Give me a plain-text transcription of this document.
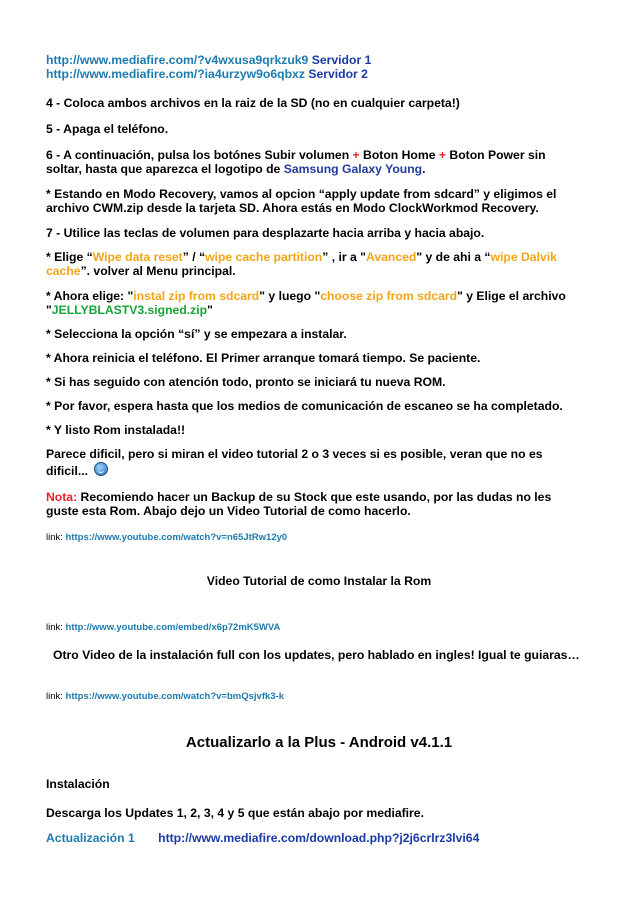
http://www.mediafire.com/?v4wxusa9qrkzuk9 Servidor 1
http://www.mediafire.com/?ia4urzyw9o6qbxz Servidor 2
4 - Coloca ambos archivos en la raiz de la SD (no en cualquier carpeta!)
5 - Apaga el teléfono.
6 - A continuación, pulsa los botónes Subir volumen + Boton Home + Boton Power sin
soltar, hasta que aparezca el logotipo de Samsung Galaxy Young.
* Estando en Modo Recovery, vamos al opcion “apply update from sdcard” y eligimos el
archivo CWM.zip desde la tarjeta SD. Ahora estás en Modo ClockWorkmod Recovery.
7 - Utilice las teclas de volumen para desplazarte hacia arriba y hacia abajo.
* Elige “Wipe data reset” / “wipe cache partition” , ir a "Avanced" y de ahi a “wipe Dalvik
cache”. volver al Menu principal.
* Ahora elige: "instal zip from sdcard" y luego "choose zip from sdcard" y Elige el archivo
"JELLYBLASTV3.signed.zip"
* Selecciona la opción “sí” y se empezara a instalar.
* Ahora reinicia el teléfono. El Primer arranque tomará tiempo. Se paciente.
* Si has seguido con atención todo, pronto se iniciará tu nueva ROM.
* Por favor, espera hasta que los medios de comunicación de escaneo se ha completado.
* Y listo Rom instalada!!
Parece dificil, pero si miran el video tutorial 2 o 3 veces si es posible, veran que no es
dificil...
Nota: Recomiendo hacer un Backup de su Stock que este usando, por las dudas no les
guste esta Rom. Abajo dejo un Video Tutorial de como hacerlo.
link: https://www.youtube.com/watch?v=n65JtRw12y0
Video Tutorial de como Instalar la Rom
link: http://www.youtube.com/embed/x6p72mK5WVA
Otro Video de la instalación full con los updates, pero hablado en ingles! Igual te guiaras…
link: https://www.youtube.com/watch?v=bmQsjvfk3-k
Actualizarlo a la Plus - Android v4.1.1
Instalación
Descarga los Updates 1, 2, 3, 4 y 5 que están abajo por mediafire.
Actualización 1 http://www.mediafire.com/download.php?j2j6crlrz3lvi64
